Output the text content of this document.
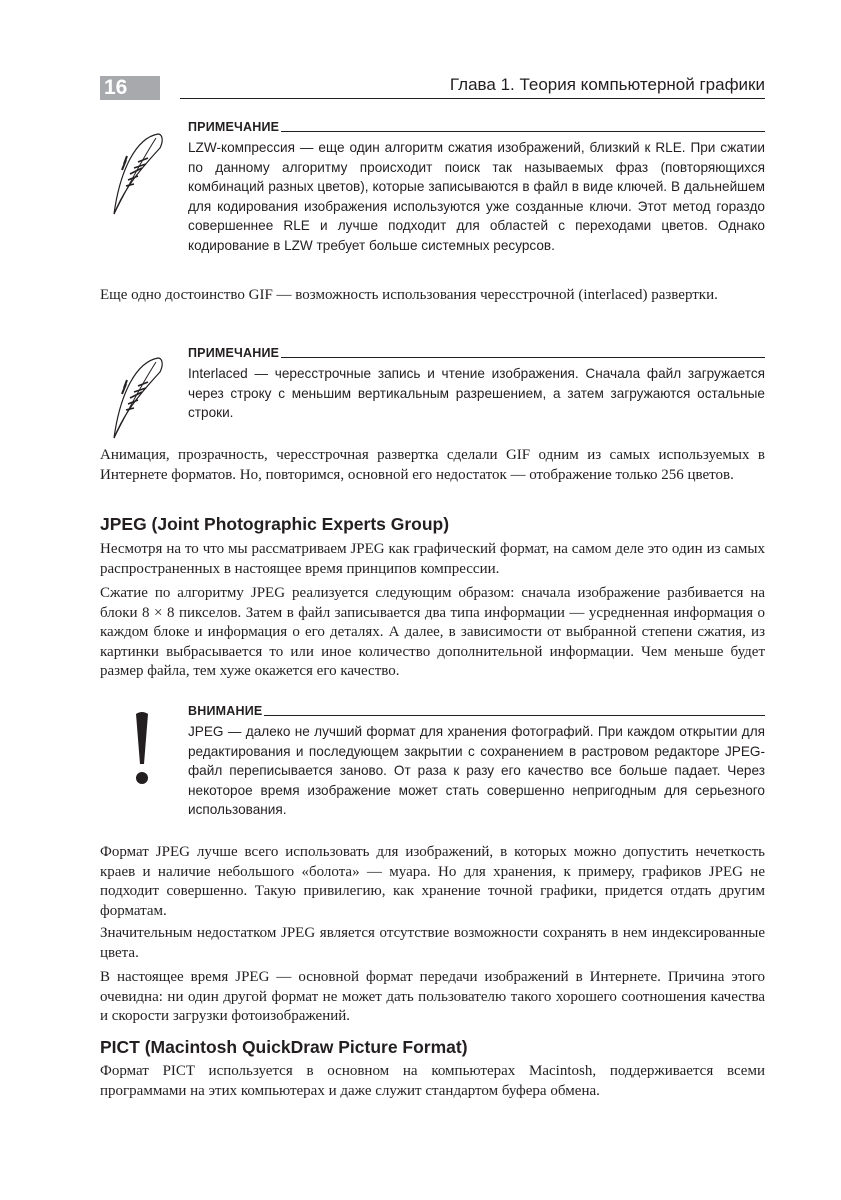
16	Глава 1. Теория компьютерной графики
ПРИМЕЧАНИЕ
LZW-компрессия — еще один алгоритм сжатия изображений, близкий к RLE. При сжатии по данному алгоритму происходит поиск так называемых фраз (повторяющихся комбинаций разных цветов), которые записываются в файл в виде ключей. В дальнейшем для кодирования изображения используются уже созданные ключи. Этот метод гораздо совершеннее RLE и лучше подходит для областей с переходами цветов. Однако кодирование в LZW требует больше системных ресурсов.
Еще одно достоинство GIF — возможность использования чересстрочной (interlaced) развертки.
ПРИМЕЧАНИЕ
Interlaced — чересстрочные запись и чтение изображения. Сначала файл загружается через строку с меньшим вертикальным разрешением, а затем загружаются остальные строки.
Анимация, прозрачность, чересстрочная развертка сделали GIF одним из самых используемых в Интернете форматов. Но, повторимся, основной его недостаток — отображение только 256 цветов.
JPEG (Joint Photographic Experts Group)
Несмотря на то что мы рассматриваем JPEG как графический формат, на самом деле это один из самых распространенных в настоящее время принципов компрессии.
Сжатие по алгоритму JPEG реализуется следующим образом: сначала изображение разбивается на блоки 8 × 8 пикселов. Затем в файл записывается два типа информации — усредненная информация о каждом блоке и информация о его деталях. А далее, в зависимости от выбранной степени сжатия, из картинки выбрасывается то или иное количество дополнительной информации. Чем меньше будет размер файла, тем хуже окажется его качество.
ВНИМАНИЕ
JPEG — далеко не лучший формат для хранения фотографий. При каждом открытии для редактирования и последующем закрытии с сохранением в растровом редакторе JPEG-файл переписывается заново. От раза к разу его качество все больше падает. Через некоторое время изображение может стать совершенно непригодным для серьезного использования.
Формат JPEG лучше всего использовать для изображений, в которых можно допустить нечеткость краев и наличие небольшого «болота» — муара. Но для хранения, к примеру, графиков JPEG не подходит совершенно. Такую привилегию, как хранение точной графики, придется отдать другим форматам.
Значительным недостатком JPEG является отсутствие возможности сохранять в нем индексированные цвета.
В настоящее время JPEG — основной формат передачи изображений в Интернете. Причина этого очевидна: ни один другой формат не может дать пользователю такого хорошего соотношения качества и скорости загрузки фотоизображений.
PICT (Macintosh QuickDraw Picture Format)
Формат PICT используется в основном на компьютерах Macintosh, поддерживается всеми программами на этих компьютерах и даже служит стандартом буфера обмена.
